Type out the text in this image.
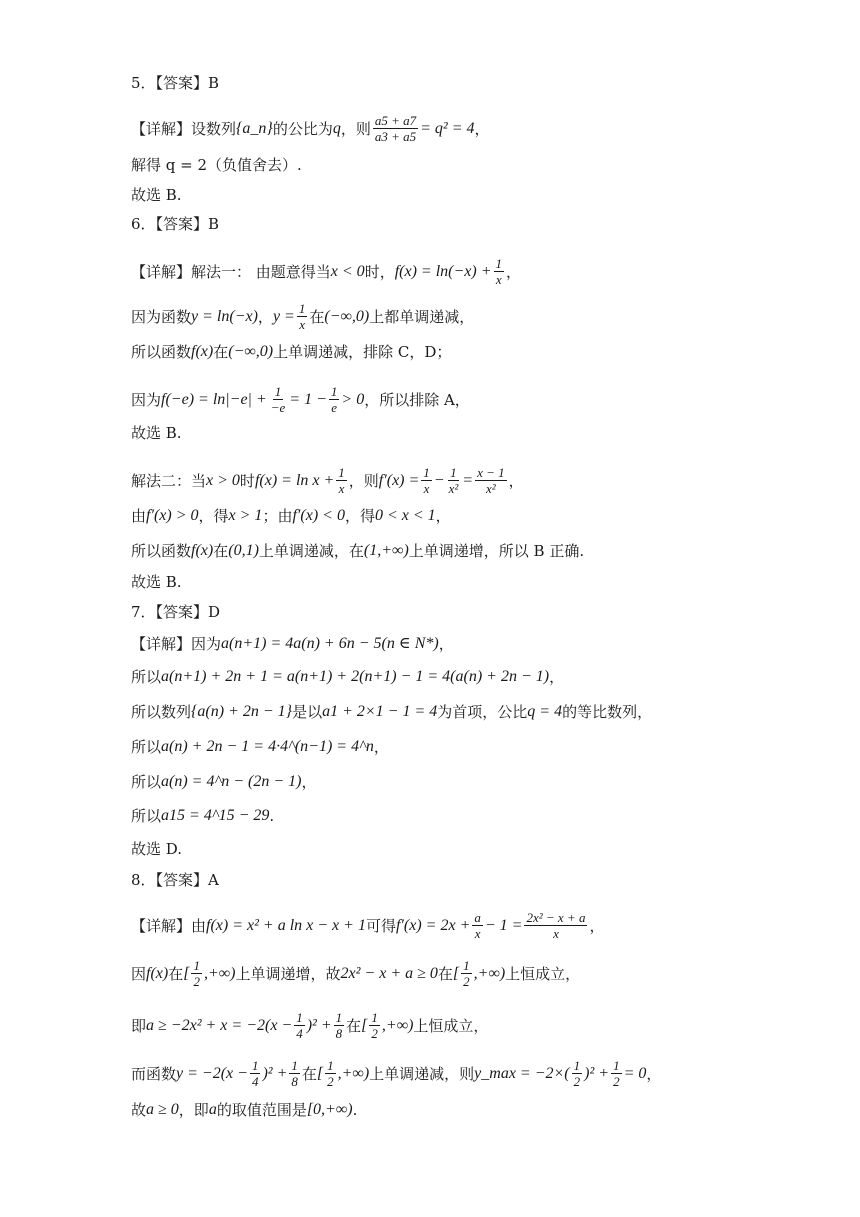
5．【答案】B
【详解】设数列 {a_n} 的公比为 q ，则 $\frac{a5 + a7}{a3 + a5} = q^2 = 4$ ，
解得 q = 2（负值舍去）.
故选 B.
6．【答案】B
【详解】解法一： 由题意得当 x < 0 时， $f(x) = \ln(-x) + \frac{1}{x}$ ，
因为函数 y = ln(−x) ， $y = \frac{1}{x}$ 在 (−∞,0) 上都单调递减，
所以函数 f(x) 在 (−∞,0) 上单调递减，排除 C，D；
因为 $f(-e) = \ln|-e| + \frac{1}{-e} = 1 - \frac{1}{e} > 0$ ，所以排除 A，
故选 B.
解法二：当 x > 0 时 $f(x) = \ln x + \frac{1}{x}$ ，则 $f'(x) = \frac{1}{x} - \frac{1}{\text{x²}} = \frac{x - 1}{\text{x²}}$ ，
由 f′(x) > 0 ，得 x > 1 ；由 f′(x) < 0 ，得 0 < x < 1 ，
所以函数 f(x) 在 (0,1) 上单调递减，在 (1,+∞) 上单调递增，所以 B 正确.
故选 B.
7．【答案】D
【详解】因为 a(n+1) = 4a(n) + 6n − 5(n ∈ N*) ，
所以 a(n+1) + 2n + 1 = a(n+1) + 2(n+1) − 1 = 4(a(n) + 2n − 1) ，
所以数列 {a(n) + 2n − 1} 是以 a1 + 2×1 − 1 = 4 为首项，公比 q = 4 的等比数列，
所以 a(n) + 2n − 1 = 4·4^(n−1) = 4^n ，
所以 a(n) = 4^n − (2n − 1) ，
所以 a15 = 4^15 − 29 .
故选 D.
8．【答案】A
【详解】由 f(x) = x² + a ln x − x + 1 可得 $f'(x) = 2x + \frac{a}{x} - 1 = \frac{\text{2x² − x + a}}{x}$ ，
因 f(x) 在 [ $\frac{1}{2}$ ,+∞) 上单调递增，故 2x² − x + a ≥ 0 在 [ $\frac{1}{2}$ ,+∞) 上恒成立，
即 $a \ge -2x^2 + x = -2(x - \frac{1}{4} )^2 + \frac{1}{8}$ 在 [ $\frac{1}{2}$ ,+∞) 上恒成立，
而函数 $y = -2(x - \frac{1}{4} )^2 + \frac{1}{8}$ 在 [ $\frac{1}{2}$ ,+∞) 上单调递减，则 y_max = $-2\times( \frac{1}{2} )^2 + \frac{1}{2} = 0$ ，
故 a ≥ 0 ，即 a 的取值范围是 [0,+∞) .
